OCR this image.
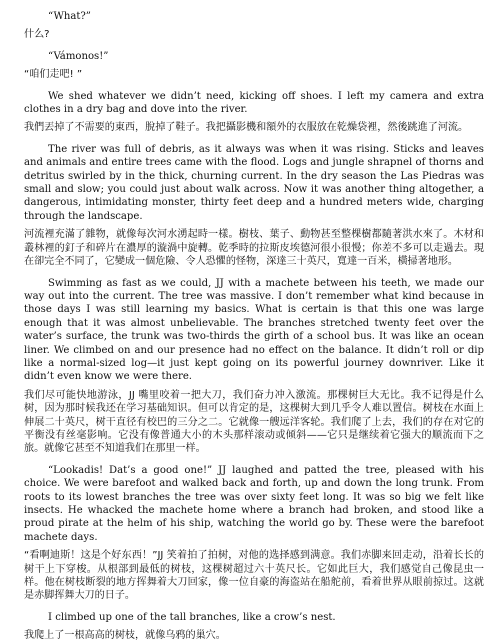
“What?”

什么?

“Vámonos!”

“咱们走吧! ”

We shed whatever we didn’t need, kicking off shoes. I left my camera and extra clothes in a dry bag and dove into the river.

我們丟掉了不需要的東西，脫掉了鞋子。我把攝影機和額外的衣服放在乾燥袋裡，然後跳進了河流。

The river was full of debris, as it always was when it was rising. Sticks and leaves and animals and entire trees came with the flood. Logs and jungle shrapnel of thorns and detritus swirled by in the thick, churning current. In the dry season the Las Piedras was small and slow; you could just about walk across. Now it was another thing altogether, a dangerous, intimidating monster, thirty feet deep and a hundred meters wide, charging through the landscape.

河流裡充滿了雜物，就像每次河水湧起時一樣。樹枝、葉子、動物甚至整棵樹都隨著洪水來了。木材和叢林裡的釘子和碎片在濃厚的漩渦中旋轉。乾季時的拉斯皮埃德河很小很慢；你差不多可以走過去。現在卻完全不同了，它變成一個危險、令人恐懼的怪物，深達三十英尺，寬達一百米，橫掃著地形。

Swimming as fast as we could, JJ with a machete between his teeth, we made our way out into the current. The tree was massive. I don’t remember what kind because in those days I was still learning my basics. What is certain is that this one was large enough that it was almost unbelievable. The branches stretched twenty feet over the water’s surface, the trunk was two-thirds the girth of a school bus. It was like an ocean liner. We climbed on and our presence had no effect on the balance. It didn’t roll or dip like a normal-sized log—it just kept going on its powerful journey downriver. Like it didn’t even know we were there.

我们尽可能快地游泳，JJ 嘴里咬着一把大刀，我们奋力冲入激流。那棵树巨大无比。我不记得是什么树，因为那时候我还在学习基础知识。但可以肯定的是，这棵树大到几乎令人难以置信。树枝在水面上伸展二十英尺，树干直径有校巴的三分之二。它就像一艘远洋客轮。我们爬了上去，我们的存在对它的平衡没有丝毫影响。它没有像普通大小的木头那样滚动或倾斜——它只是继续着它强大的顺流而下之旅。就像它甚至不知道我们在那里一样。

“Lookadis! Dat’s a good one!” JJ laughed and patted the tree, pleased with his choice. We were barefoot and walked back and forth, up and down the long trunk. From roots to its lowest branches the tree was over sixty feet long. It was so big we felt like insects. He whacked the machete home where a branch had broken, and stood like a proud pirate at the helm of his ship, watching the world go by. These were the barefoot machete days.

“看啊迪斯！这是个好东西！”JJ 笑着拍了拍树，对他的选择感到满意。我们赤脚来回走动，沿着长长的树干上下穿梭。从根部到最低的树枝，这棵树超过六十英尺长。它如此巨大，我们感觉自己像昆虫一样。他在树枝断裂的地方挥舞着大刀回家，像一位自豪的海盗站在船舵前，看着世界从眼前掠过。这就是赤脚挥舞大刀的日子。

I climbed up one of the tall branches, like a crow’s nest.

我爬上了一根高高的树枝，就像乌鸦的巢穴。
